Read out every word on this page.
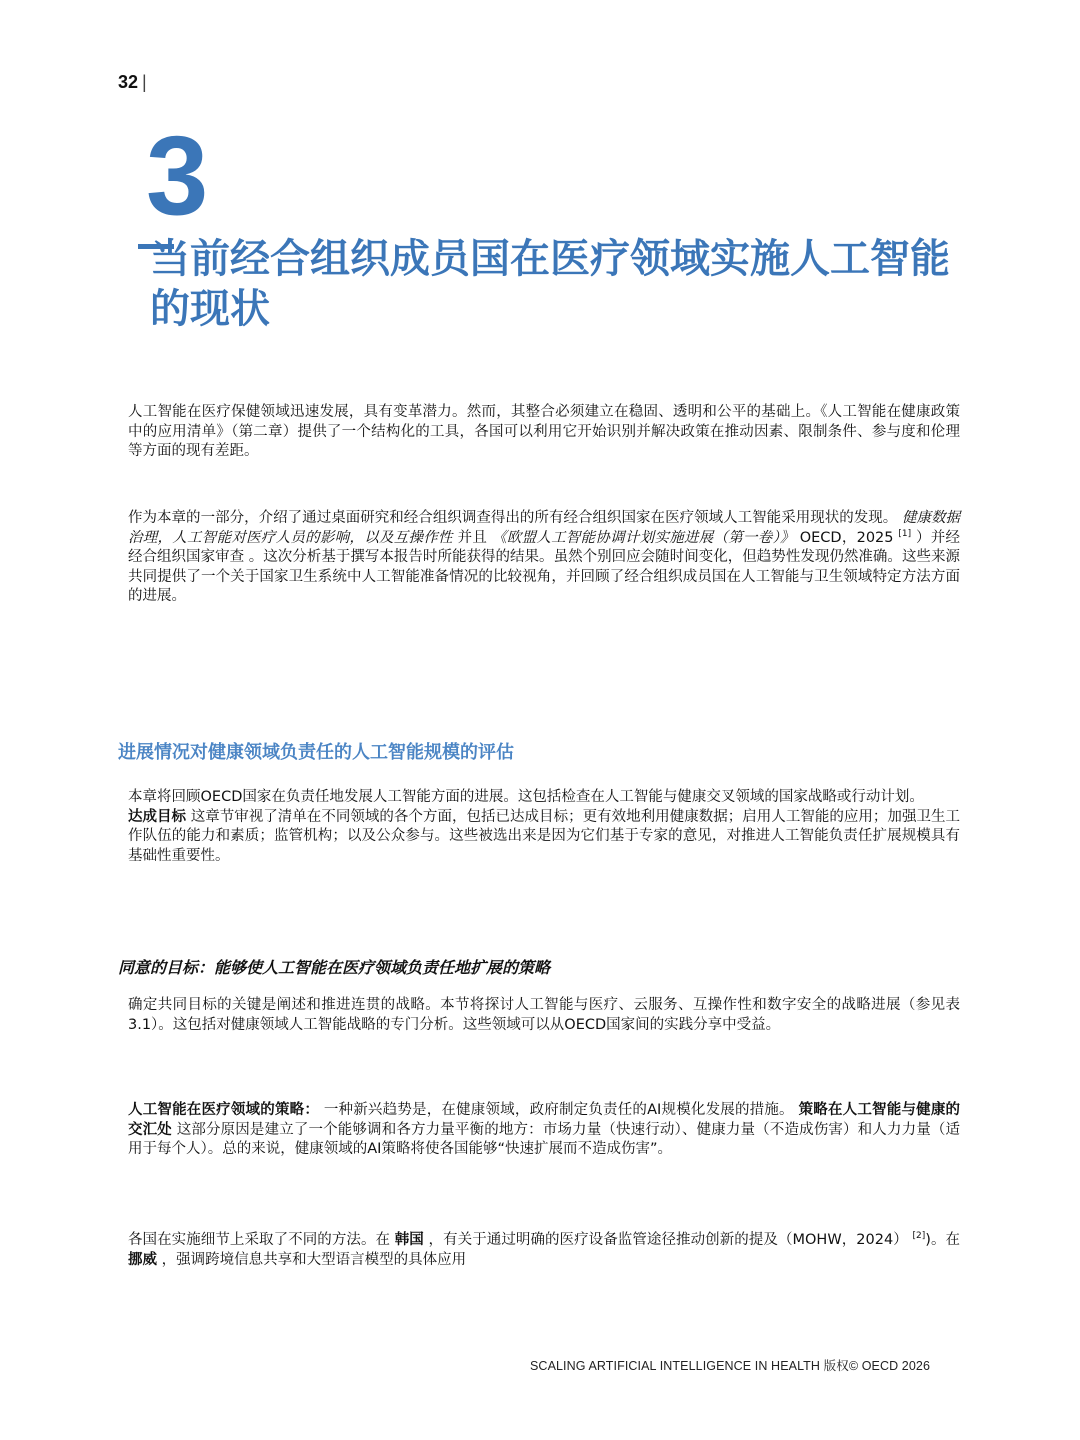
32 |
3
当前经合组织成员国在医疗领域实施人工智能的现状

人工智能在医疗保健领域迅速发展，具有变革潜力。然而，其整合必须建立在稳固、透明和公平的基础上。《人工智能在健康政策中的应用清单》（第二章）提供了一个结构化的工具，各国可以利用它开始识别并解决政策在推动因素、限制条件、参与度和伦理等方面的现有差距。

作为本章的一部分，介绍了通过桌面研究和经合组织调查得出的所有经合组织国家在医疗领域人工智能采用现状的发现。 健康数据治理，人工智能对医疗人员的影响，以及互操作性 并且 《欧盟人工智能协调计划实施进展（第一卷）》 OECD，2025 [1] ）并经经合组织国家审查 。这次分析基于撰写本报告时所能获得的结果。虽然个别回应会随时间变化，但趋势性发现仍然准确。这些来源共同提供了一个关于国家卫生系统中人工智能准备情况的比较视角，并回顾了经合组织成员国在人工智能与卫生领域特定方法方面的进展。

进展情况对健康领域负责任的人工智能规模的评估

本章将回顾OECD国家在负责任地发展人工智能方面的进展。这包括检查在人工智能与健康交叉领域的国家战略或行动计划。
达成目标 这章节审视了清单在不同领域的各个方面，包括已达成目标；更有效地利用健康数据；启用人工智能的应用；加强卫生工作队伍的能力和素质；监管机构；以及公众参与。这些被选出来是因为它们基于专家的意见，对推进人工智能负责任扩展规模具有基础性重要性。

同意的目标：能够使人工智能在医疗领域负责任地扩展的策略

确定共同目标的关键是阐述和推进连贯的战略。本节将探讨人工智能与医疗、云服务、互操作性和数字安全的战略进展（参见表3.1）。这包括对健康领域人工智能战略的专门分析。这些领域可以从OECD国家间的实践分享中受益。

人工智能在医疗领域的策略： 一种新兴趋势是，在健康领域，政府制定负责任的AI规模化发展的措施。 策略在人工智能与健康的交汇处 这部分原因是建立了一个能够调和各方力量平衡的地方：市场力量（快速行动）、健康力量（不造成伤害）和人力力量（适用于每个人）。总的来说，健康领域的AI策略将使各国能够“快速扩展而不造成伤害”。

各国在实施细节上采取了不同的方法。在 韩国 ，有关于通过明确的医疗设备监管途径推动创新的提及（MOHW，2024） [2])。在 挪威 ，强调跨境信息共享和大型语言模型的具体应用

SCALING ARTIFICIAL INTELLIGENCE IN HEALTH 版权© OECD 2026
